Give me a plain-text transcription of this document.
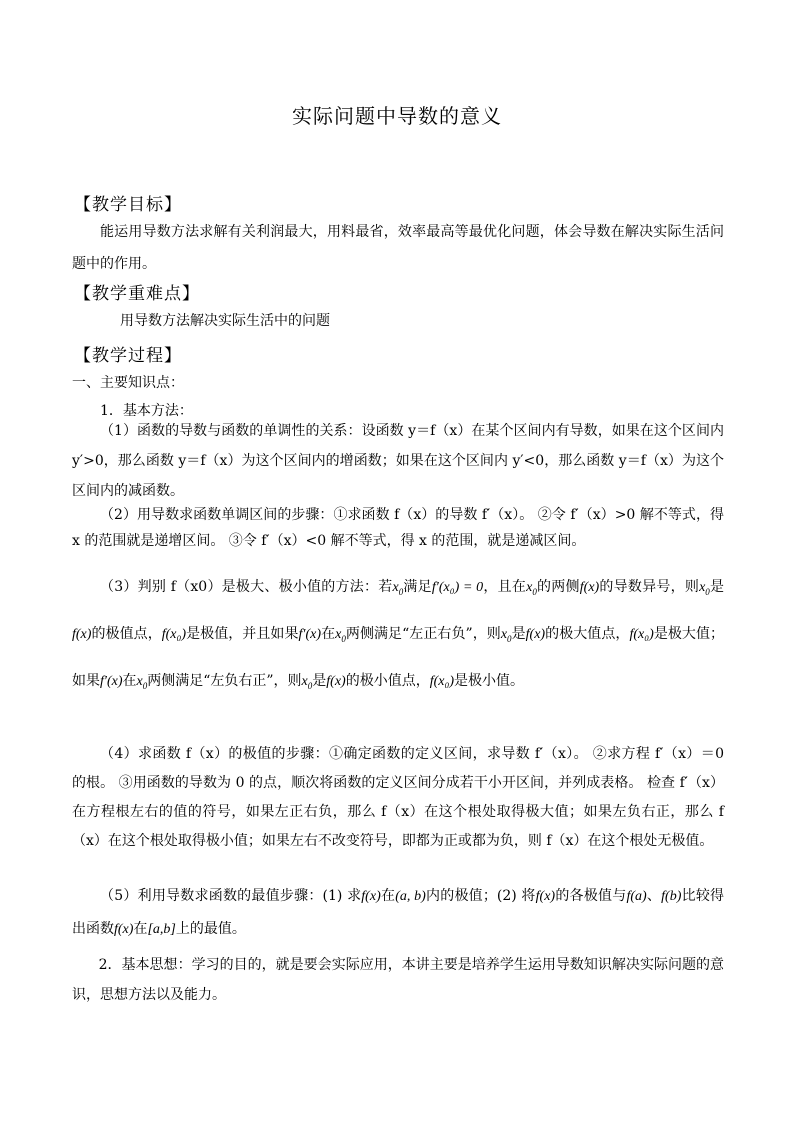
实际问题中导数的意义
【教学目标】
能运用导数方法求解有关利润最大，用料最省，效率最高等最优化问题，体会导数在解决实际生活问题中的作用。
【教学重难点】
用导数方法解决实际生活中的问题
【教学过程】
一、主要知识点：
1．基本方法：
（1）函数的导数与函数的单调性的关系：设函数 y＝f（x）在某个区间内有导数，如果在这个区间内 y′>0，那么函数 y＝f（x）为这个区间内的增函数；如果在这个区间内 y′<0，那么函数 y＝f（x）为这个区间内的减函数。
（2）用导数求函数单调区间的步骤：①求函数 f（x）的导数 f′（x）。 ②令 f′（x）>0 解不等式，得 x 的范围就是递增区间。 ③令 f′（x）<0 解不等式，得 x 的范围，就是递减区间。
（3）判别 f（x0）是极大、极小值的方法：若$x_0$满足f′(x₀) = 0，且在$x_0$的两侧f(x)的导数异号，则$x_0$是f(x)的极值点，f(x₀)是极值，并且如果f′(x)在$x_0$两侧满足“左正右负”，则$x_0$是f(x)的极大值点，f(x₀)是极大值；如果f′(x)在$x_0$两侧满足“左负右正”，则$x_0$是f(x)的极小值点，f(x₀)是极小值。
（4）求函数 f（x）的极值的步骤：①确定函数的定义区间，求导数 f′（x）。 ②求方程 f′（x）＝0 的根。 ③用函数的导数为 0 的点，顺次将函数的定义区间分成若干小开区间，并列成表格。 检查 f′（x）在方程根左右的值的符号，如果左正右负，那么 f（x）在这个根处取得极大值；如果左负右正，那么 f（x）在这个根处取得极小值；如果左右不改变符号，即都为正或都为负，则 f（x）在这个根处无极值。
（5）利用导数求函数的最值步骤：(1) 求f(x)在(a, b)内的极值；(2) 将f(x)的各极值与f(a)、f(b)比较得出函数f(x)在[a,b]上的最值。
2．基本思想：学习的目的，就是要会实际应用，本讲主要是培养学生运用导数知识解决实际问题的意识，思想方法以及能力。
